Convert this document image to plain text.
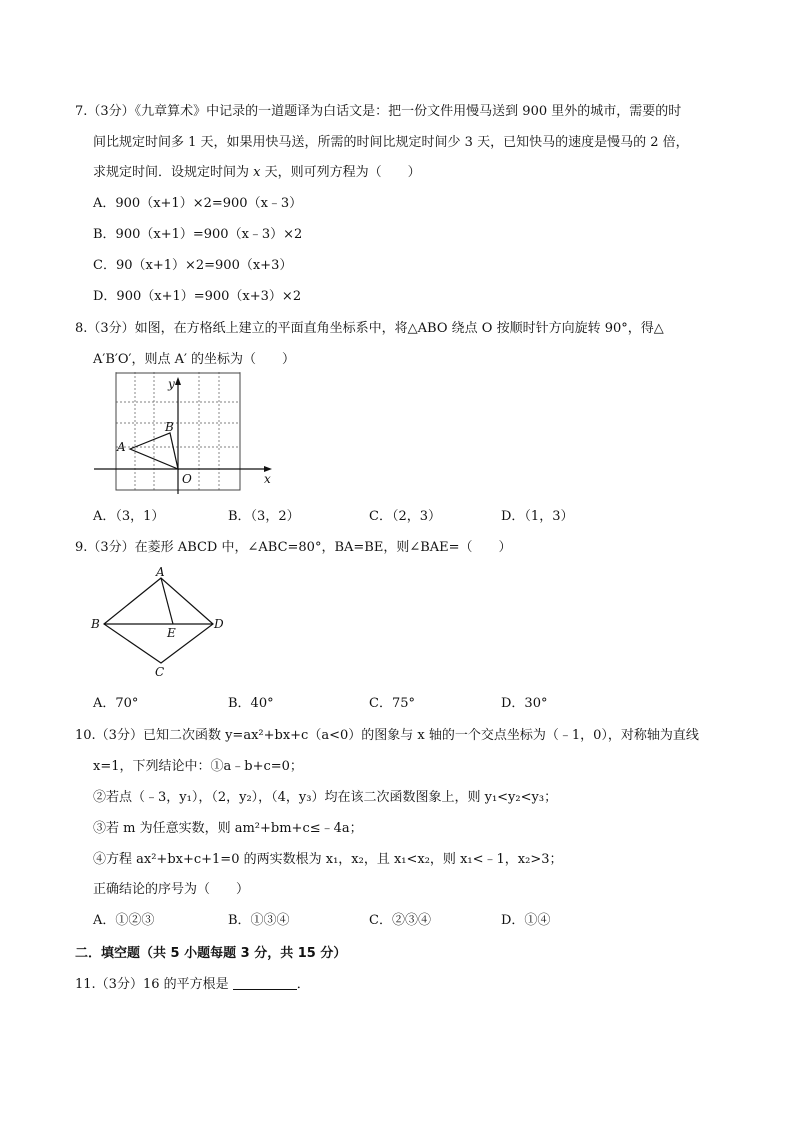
7.（3分）《九章算术》中记录的一道题译为白话文是：把一份文件用慢马送到 900 里外的城市，需要的时
间比规定时间多 1 天，如果用快马送，所需的时间比规定时间少 3 天，已知快马的速度是慢马的 2 倍，
求规定时间．设规定时间为 x 天，则可列方程为（　　）
A．900（x+1）×2=900（x﹣3）
B．900（x+1）=900（x﹣3）×2
C．90（x+1）×2=900（x+3）
D．900（x+1）=900（x+3）×2
8.（3分）如图，在方格纸上建立的平面直角坐标系中，将△ABO 绕点 O 按顺时针方向旋转 90°，得△
A′B′O′，则点 A′ 的坐标为（　　）
y
x
A
B
O
A．（3，1）	B．（3，2）	C．（2，3）	D．（1，3）
9.（3分）在菱形 ABCD 中，∠ABC=80°，BA=BE，则∠BAE=（　　）
A
B
C
D
E
A．70°	B．40°	C．75°	D．30°
10.（3分）已知二次函数 y=ax²+bx+c（a<0）的图象与 x 轴的一个交点坐标为（﹣1，0），对称轴为直线
x=1，下列结论中：①a﹣b+c=0；
②若点（﹣3，y₁），（2，y₂），（4，y₃）均在该二次函数图象上，则 y₁<y₂<y₃；
③若 m 为任意实数，则 am²+bm+c≤﹣4a；
④方程 ax²+bx+c+1=0 的两实数根为 x₁，x₂，且 x₁<x₂，则 x₁<﹣1，x₂>3；
正确结论的序号为（　　）
A．①②③	B．①③④	C．②③④	D．①④
二．填空题（共 5 小题每题 3 分，共 15 分）
11.（3分）16 的平方根是	．
